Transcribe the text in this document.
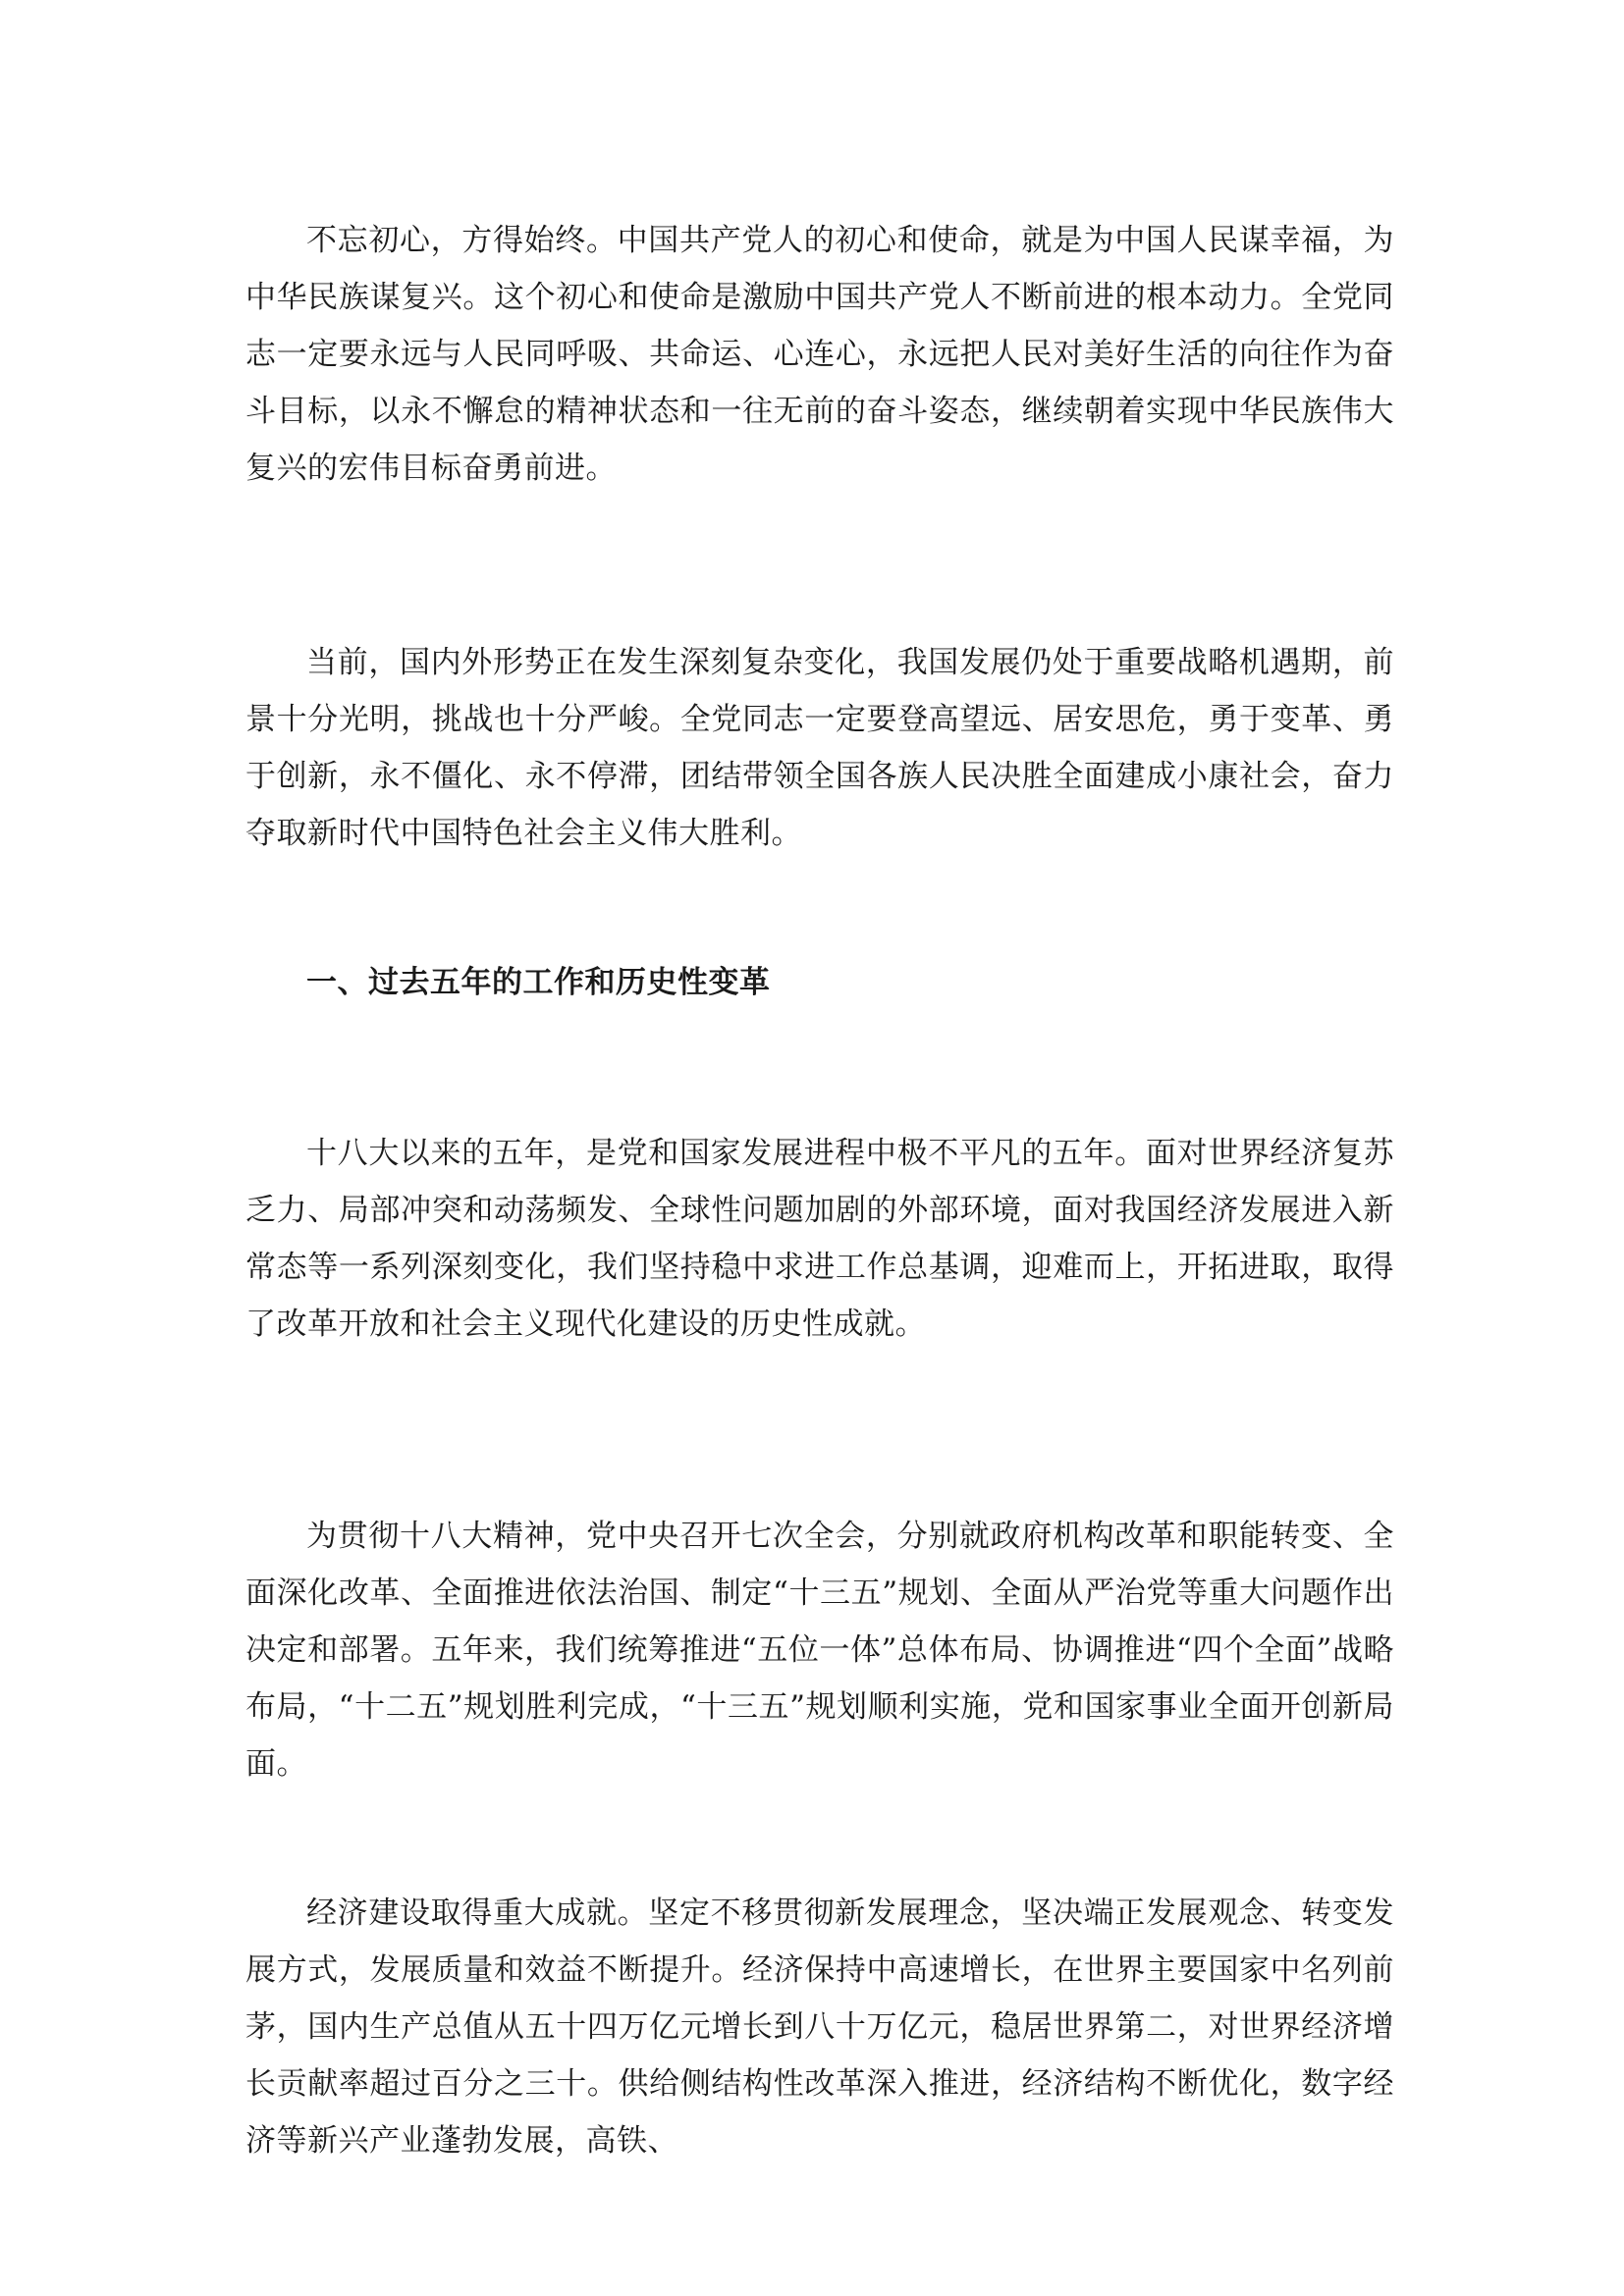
不忘初心，方得始终。中国共产党人的初心和使命，就是为中国人民谋幸福，为中华民族谋复兴。这个初心和使命是激励中国共产党人不断前进的根本动力。全党同志一定要永远与人民同呼吸、共命运、心连心，永远把人民对美好生活的向往作为奋斗目标，以永不懈怠的精神状态和一往无前的奋斗姿态，继续朝着实现中华民族伟大复兴的宏伟目标奋勇前进。

当前，国内外形势正在发生深刻复杂变化，我国发展仍处于重要战略机遇期，前景十分光明，挑战也十分严峻。全党同志一定要登高望远、居安思危，勇于变革、勇于创新，永不僵化、永不停滞，团结带领全国各族人民决胜全面建成小康社会，奋力夺取新时代中国特色社会主义伟大胜利。

一、过去五年的工作和历史性变革

十八大以来的五年，是党和国家发展进程中极不平凡的五年。面对世界经济复苏乏力、局部冲突和动荡频发、全球性问题加剧的外部环境，面对我国经济发展进入新常态等一系列深刻变化，我们坚持稳中求进工作总基调，迎难而上，开拓进取，取得了改革开放和社会主义现代化建设的历史性成就。

为贯彻十八大精神，党中央召开七次全会，分别就政府机构改革和职能转变、全面深化改革、全面推进依法治国、制定“十三五”规划、全面从严治党等重大问题作出决定和部署。五年来，我们统筹推进“五位一体”总体布局、协调推进“四个全面”战略布局，“十二五”规划胜利完成，“十三五”规划顺利实施，党和国家事业全面开创新局面。

经济建设取得重大成就。坚定不移贯彻新发展理念，坚决端正发展观念、转变发展方式，发展质量和效益不断提升。经济保持中高速增长，在世界主要国家中名列前茅，国内生产总值从五十四万亿元增长到八十万亿元，稳居世界第二，对世界经济增长贡献率超过百分之三十。供给侧结构性改革深入推进，经济结构不断优化，数字经济等新兴产业蓬勃发展，高铁、
